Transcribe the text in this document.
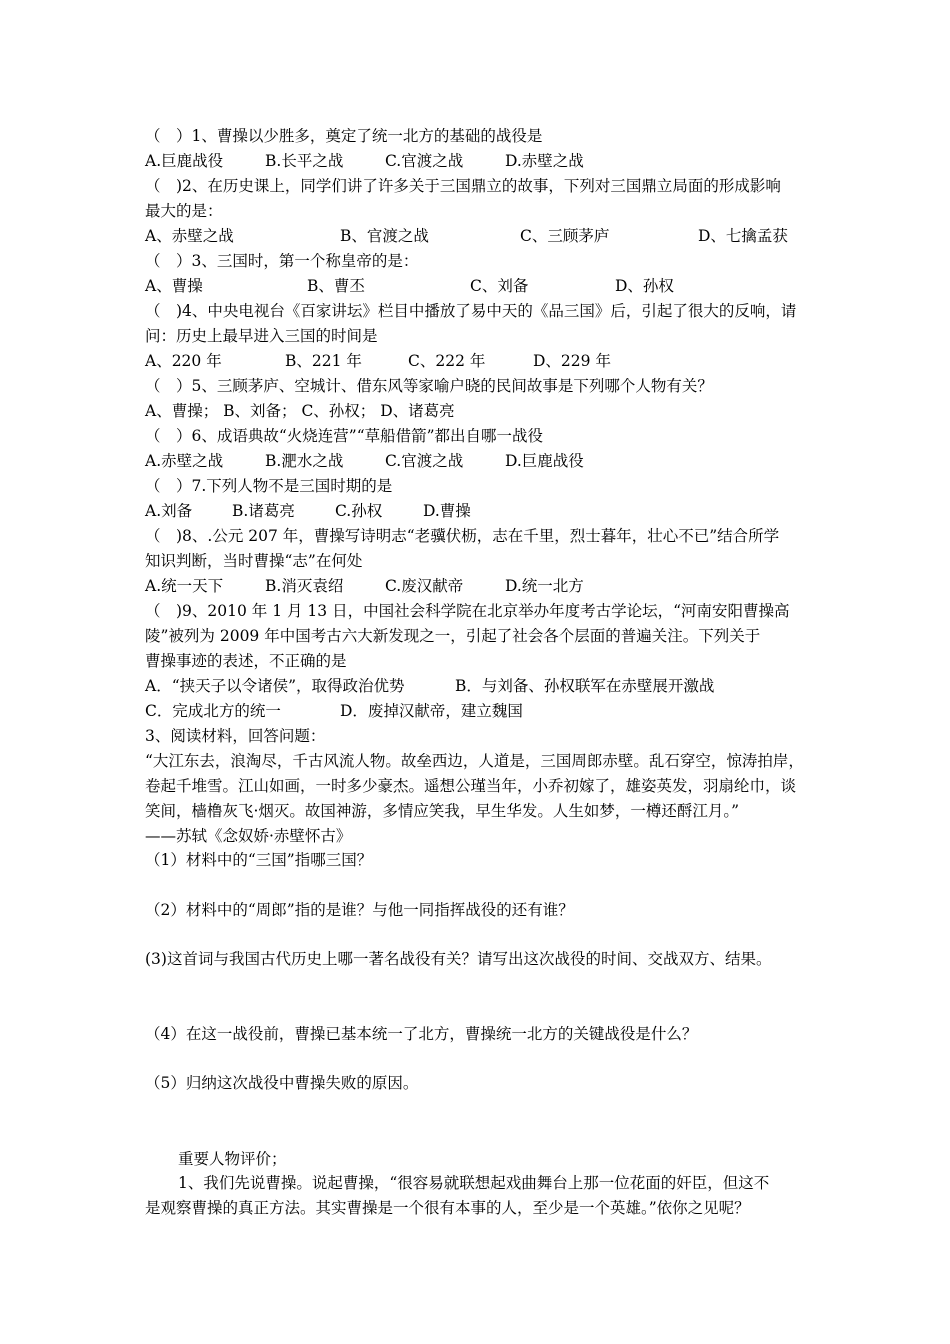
（　）1、曹操以少胜多，奠定了统一北方的基础的战役是
A.巨鹿战役	B.长平之战	C.官渡之战	D.赤壁之战
（　)2、在历史课上，同学们讲了许多关于三国鼎立的故事，下列对三国鼎立局面的形成影响
最大的是：
A、赤壁之战	B、官渡之战	C、三顾茅庐	D、七擒孟获
（　）3、三国时，第一个称皇帝的是：
A、曹操	B、曹丕	C、刘备	D、孙权
（　)4、中央电视台《百家讲坛》栏目中播放了易中天的《品三国》后，引起了很大的反响，请
问：历史上最早进入三国的时间是
A、220 年	B、221 年	C、222 年	D、229 年
（　）5、三顾茅庐、空城计、借东风等家喻户晓的民间故事是下列哪个人物有关？
A、曹操； B、刘备； C、孙权； D、诸葛亮
（　）6、成语典故“火烧连营”“草船借箭”都出自哪一战役
A.赤壁之战	B.淝水之战	C.官渡之战	D.巨鹿战役
（　）7.下列人物不是三国时期的是
A.刘备	B.诸葛亮	C.孙权	D.曹操
（　)8、.公元 207 年，曹操写诗明志“老骥伏枥，志在千里，烈士暮年，壮心不已”结合所学
知识判断，当时曹操“志”在何处
A.统一天下	B.消灭袁绍	C.废汉献帝	D.统一北方
（　)9、2010 年 1 月 13 日，中国社会科学院在北京举办年度考古学论坛，“河南安阳曹操高
陵”被列为 2009 年中国考古六大新发现之一，引起了社会各个层面的普遍关注。下列关于
曹操事迹的表述，不正确的是
A．“挟天子以令诸侯”，取得政治优势	B．与刘备、孙权联军在赤壁展开激战
C．完成北方的统一	D．废掉汉献帝，建立魏国
3、阅读材料，回答问题：
“大江东去，浪淘尽，千古风流人物。故垒西边，人道是，三国周郎赤壁。乱石穿空，惊涛拍岸，
卷起千堆雪。江山如画，一时多少豪杰。遥想公瑾当年，小乔初嫁了，雄姿英发，羽扇纶巾，谈
笑间，樯橹灰飞·烟灭。故国神游，多情应笑我，早生华发。人生如梦，一樽还酹江月。”
——苏轼《念奴娇·赤壁怀古》
（1）材料中的“三国”指哪三国？
（2）材料中的“周郎”指的是谁？与他一同指挥战役的还有谁？
(3)这首词与我国古代历史上哪一著名战役有关？请写出这次战役的时间、交战双方、结果。
（4）在这一战役前，曹操已基本统一了北方，曹操统一北方的关键战役是什么？
（5）归纳这次战役中曹操失败的原因。
重要人物评价；
1、我们先说曹操。说起曹操，“很容易就联想起戏曲舞台上那一位花面的奸臣，但这不
是观察曹操的真正方法。其实曹操是一个很有本事的人，至少是一个英雄。”依你之见呢？
